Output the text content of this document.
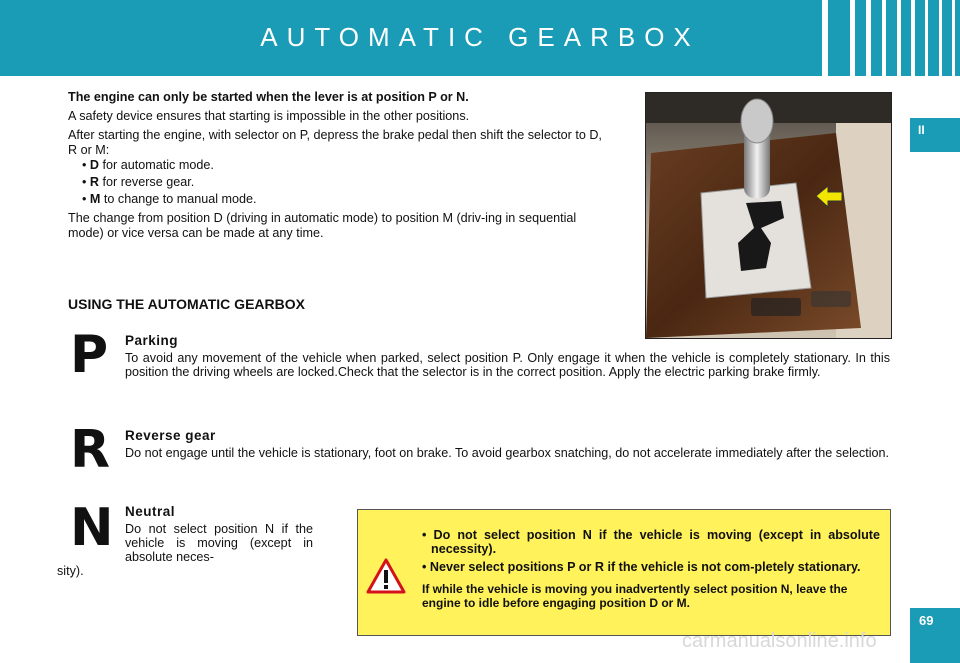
AUTOMATIC GEARBOX
II
69

The engine can only be started when the lever is at position P or N.

A safety device ensures that starting is impossible in the other positions.

After starting the engine, with selector on P, depress the brake pedal then shift the selector to D, R or M:

• D for automatic mode.

• R for reverse gear.

• M to change to manual mode.

The change from position D (driving in automatic mode) to position M (driv-ing in sequential mode) or vice versa can be made at any time.

USING THE AUTOMATIC GEARBOX
P Parking
To avoid any movement of the vehicle when parked, select position P. Only engage it when the vehicle is completely stationary. In this position the driving wheels are locked.Check that the selector is in the correct position. Apply the electric parking brake firmly.
R Reverse gear
Do not engage until the vehicle is stationary, foot on brake. To avoid gearbox snatching, do not accelerate immediately after the selection.
N Neutral
Do not select position N if the vehicle is moving (except in absolute neces-
sity).

• Do not select position N if the vehicle is moving (except in absolute necessity).

• Never select positions P or R if the vehicle is not com-pletely stationary.

If while the vehicle is moving you inadvertently select position N, leave the engine to idle before engaging position D or M.

carmanualsonline.info
